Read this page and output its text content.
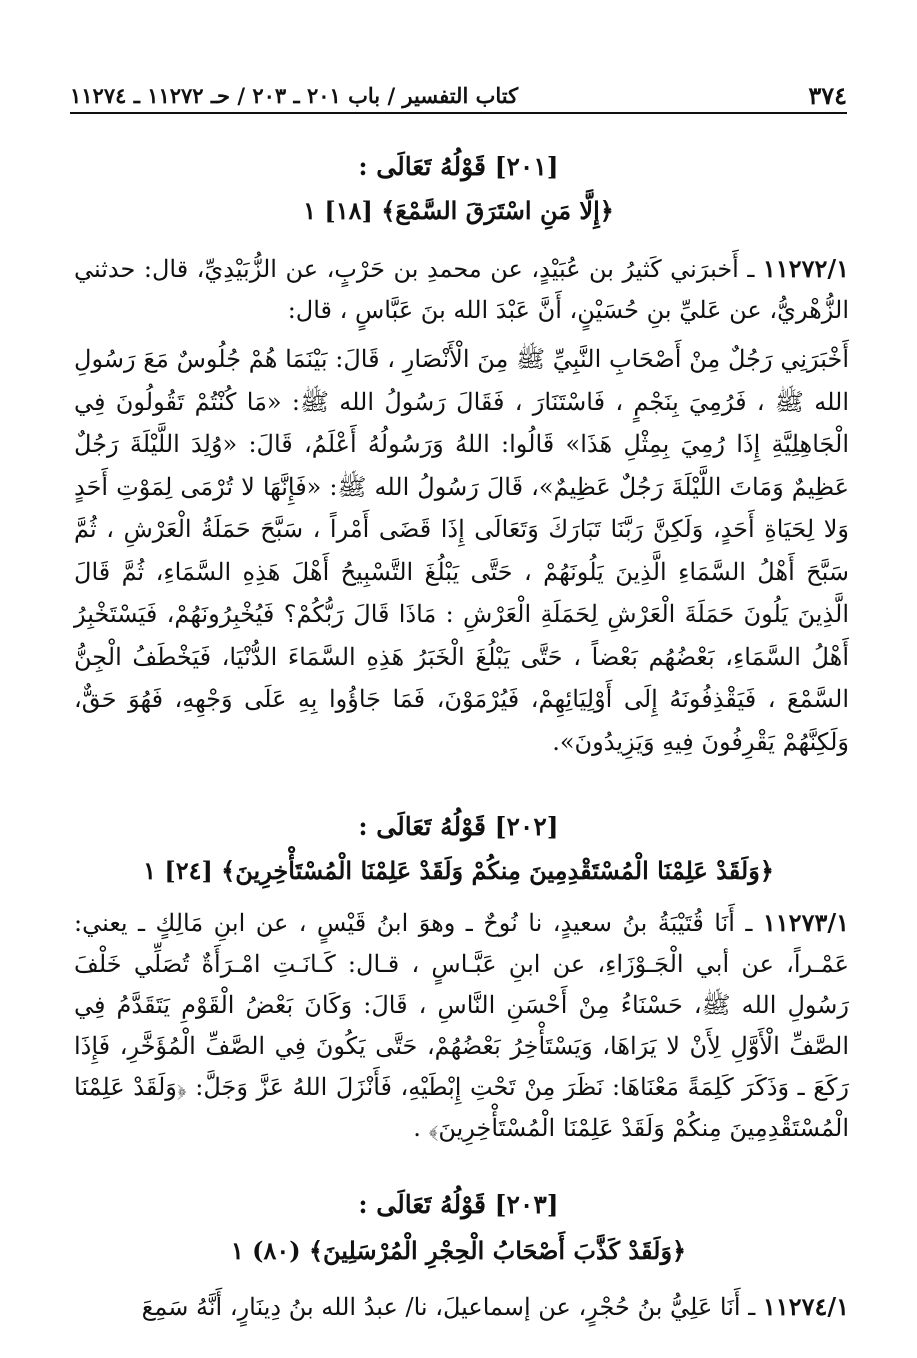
٣٧٤
كتاب التفسير / باب ٢٠١ ـ ٢٠٣ / حـ ١١٢٧٢ ـ ١١٢٧٤
[٢٠١] قَوْلُهُ تَعَالَى :
﴿إِلَّا مَنِ اسْتَرَقَ السَّمْعَ﴾ [١٨] ١

١١٢٧٢/١ ـ أَخبرَني كَثيرُ بن عُبَيْدٍ، عن محمدِ بن حَرْبٍ، عن الزُّبَيْدِيِّ، قال: حدثني الزُّهْريُّ، عن عَليِّ بنِ حُسَيْنٍ، أَنَّ عَبْدَ الله بنَ عَبَّاسٍ ، قال:

أَخْبَرَنِي رَجُلٌ مِنْ أَصْحَابِ النَّبِيِّ ﷺ مِنَ الْأَنْصَارِ ، قَالَ: بَيْنَمَا هُمْ جُلُوسٌ مَعَ رَسُولِ الله ﷺ ، فَرُمِيَ بِنَجْمٍ ، فَاسْتَنَارَ ، فَقَالَ رَسُولُ الله ﷺ: «مَا كُنْتُمْ تَقُولُونَ فِي الْجَاهِلِيَّةِ إِذَا رُمِيَ بِمِثْلِ هَذَا» قَالُوا: اللهُ وَرَسُولُهُ أَعْلَمُ، قَالَ: «وُلِدَ اللَّيْلَةَ رَجُلٌ عَظِيمٌ وَمَاتَ اللَّيْلَةَ رَجُلٌ عَظِيمٌ»، قَالَ رَسُولُ الله ﷺ: «فَإِنَّهَا لا تُرْمَى لِمَوْتِ أَحَدٍ وَلا لِحَيَاةِ أَحَدٍ، وَلَكِنَّ رَبَّنَا تَبَارَكَ وَتَعَالَى إِذَا قَضَى أَمْراً ، سَبَّحَ حَمَلَةُ الْعَرْشِ ، ثُمَّ سَبَّحَ أَهْلُ السَّمَاءِ الَّذِينَ يَلُونَهُمْ ، حَتَّى يَبْلُغَ التَّسْبِيحُ أَهْلَ هَذِهِ السَّمَاءِ، ثُمَّ قَالَ الَّذِينَ يَلُونَ حَمَلَةَ الْعَرْشِ لِحَمَلَةِ الْعَرْشِ : مَاذَا قَالَ رَبُّكُمْ؟ فَيُخْبِرُونَهُمْ، فَيَسْتَخْبِرُ أَهْلُ السَّمَاءِ، بَعْضُهُم بَعْضاً ، حَتَّى يَبْلُغَ الْخَبَرُ هَذِهِ السَّمَاءَ الدُّنْيَا، فَيَخْطَفُ الْجِنُّ السَّمْعَ ، فَيَقْذِفُونَهُ إِلَى أَوْلِيَائِهِمْ، فَيُرْمَوْنَ، فَمَا جَاؤُوا بِهِ عَلَى وَجْهِهِ، فَهُوَ حَقٌّ، وَلَكِنَّهُمْ يَقْرِفُونَ فِيهِ وَيَزِيدُونَ».

[٢٠٢] قَوْلُهُ تَعَالَى :
﴿وَلَقَدْ عَلِمْنَا الْمُسْتَقْدِمِينَ مِنكُمْ وَلَقَدْ عَلِمْنَا الْمُسْتَأْخِرِينَ﴾ [٢٤] ١

١١٢٧٣/١ ـ أَنَا قُتَيْبَةُ بنُ سعيدٍ، نا نُوحٌ ـ وهوَ ابنُ قَيْسٍ ، عن ابنِ مَالِكٍ ـ يعني: عَمْـراً، عن أبي الْجَـوْزَاءِ، عن ابنِ عَبَّـاسٍ ، قـال: كَـانَـتِ امْـرَأَةٌ تُصَلِّي خَلْفَ رَسُولِ الله ﷺ، حَسْنَاءُ مِنْ أَحْسَنِ النَّاسِ ، قَالَ: وَكَانَ بَعْضُ الْقَوْمِ يَتَقَدَّمُ فِي الصَّفِّ الْأَوَّلِ لِأَنْ لا يَرَاهَا، وَيَسْتَأْخِرُ بَعْضُهُمْ، حَتَّى يَكُونَ فِي الصَّفِّ الْمُؤَخَّرِ، فَإِذَا رَكَعَ ـ وَذَكَرَ كَلِمَةً مَعْنَاهَا: نَظَرَ مِنْ تَحْتِ إِبْطَيْهِ، فَأَنْزَلَ اللهُ عَزَّ وَجَلَّ: ﴿وَلَقَدْ عَلِمْنَا الْمُسْتَقْدِمِينَ مِنكُمْ وَلَقَدْ عَلِمْنَا الْمُسْتَأْخِرِينَ﴾ .

[٢٠٣] قَوْلُهُ تَعَالَى :
﴿وَلَقَدْ كَذَّبَ أَصْحَابُ الْحِجْرِ الْمُرْسَلِينَ﴾ (٨٠) ١

١١٢٧٤/١ ـ أَنَا عَلِيُّ بنُ حُجْرٍ، عن إسماعيلَ، نا/ عبدُ الله بنُ دِينَارٍ، أَنَّهُ سَمِعَ
